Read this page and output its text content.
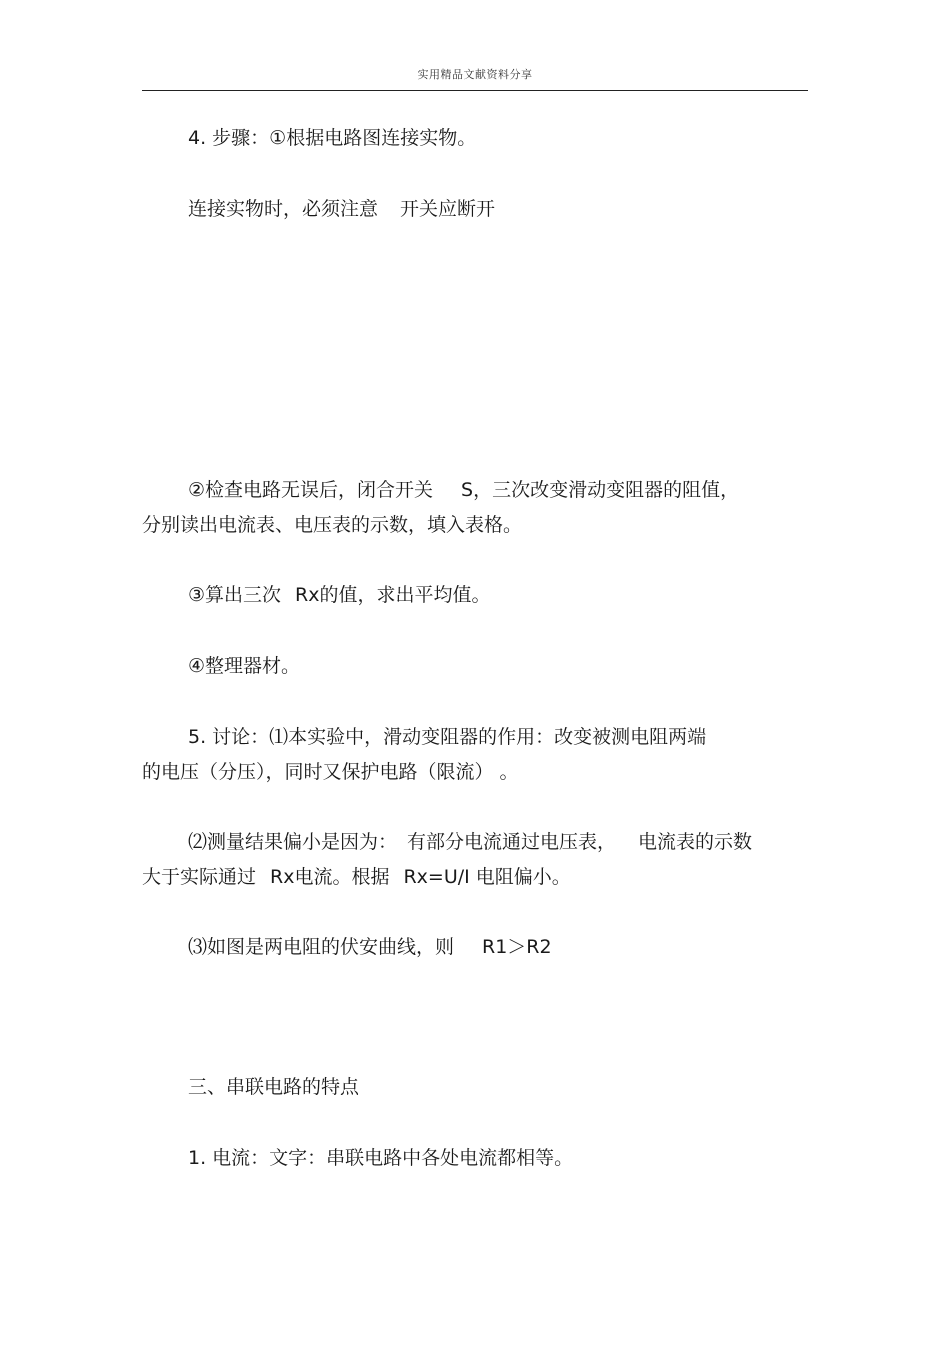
实用精品文献资料分享
4. 步骤：①根据电路图连接实物。
连接实物时，必须注意 开关应断开
②检查电路无误后，闭合开关 S，三次改变滑动变阻器的阻值，
分别读出电流表、电压表的示数，填入表格。
③算出三次 Rx的值，求出平均值。
④整理器材。
5. 讨论：⑴本实验中，滑动变阻器的作用：改变被测电阻两端
的电压（分压），同时又保护电路（限流） 。
⑵测量结果偏小是因为： 有部分电流通过电压表， 电流表的示数
大于实际通过 Rx电流。根据 Rx=U/I 电阻偏小。
⑶如图是两电阻的伏安曲线，则 R1＞R2
三、串联电路的特点
1. 电流：文字：串联电路中各处电流都相等。
